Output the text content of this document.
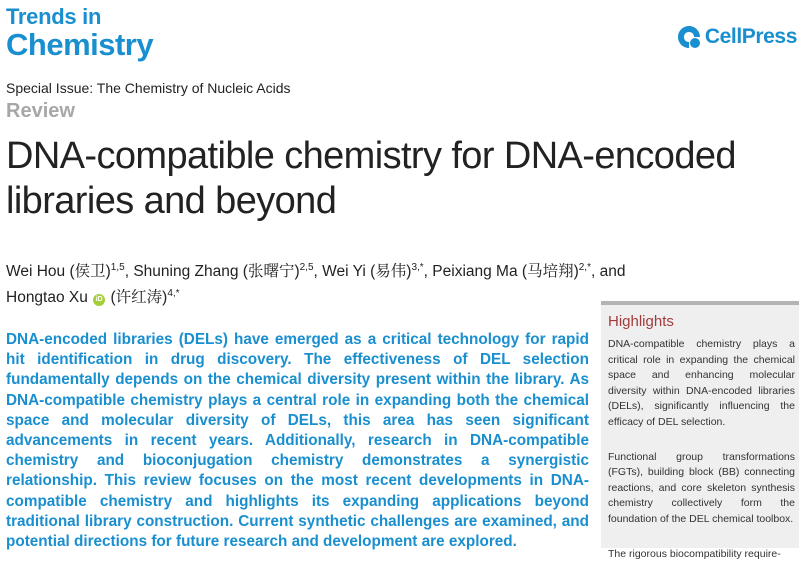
Trends in
Chemistry	CellPress
Special Issue: The Chemistry of Nucleic Acids
Review
DNA-compatible chemistry for DNA-encoded libraries and beyond
Wei Hou (侯卫)$^{1,5}$, Shuning Zhang (张曙宁)$^{2,5}$, Wei Yi (易伟)$^{3,*}$, Peixiang Ma (马培翔)$^{2,*}$, and
Hongtao Xu iD (许红涛)$^{4,*}$

DNA-encoded libraries (DELs) have emerged as a critical technology for rapid hit identification in drug discovery. The effectiveness of DEL selection fundamentally depends on the chemical diversity present within the library. As DNA-compatible chemistry plays a central role in expanding both the chemical space and molecular diversity of DELs, this area has seen significant advancements in recent years. Additionally, research in DNA-compatible chemistry and bioconjugation chemistry demonstrates a synergistic relationship. This review focuses on the most recent developments in DNA-compatible chemistry and highlights its expanding applications beyond traditional library construction. Current synthetic challenges are examined, and potential directions for future research and development are explored.

Highlights

DNA-compatible chemistry plays a critical role in expanding the chemical space and enhancing molecular diversity within DNA-encoded libraries (DELs), significantly influencing the efficacy of DEL selection.

Functional group transformations (FGTs), building block (BB) connecting reactions, and core skeleton synthesis chemistry collectively form the foundation of the DEL chemical toolbox.

The rigorous biocompatibility require-
